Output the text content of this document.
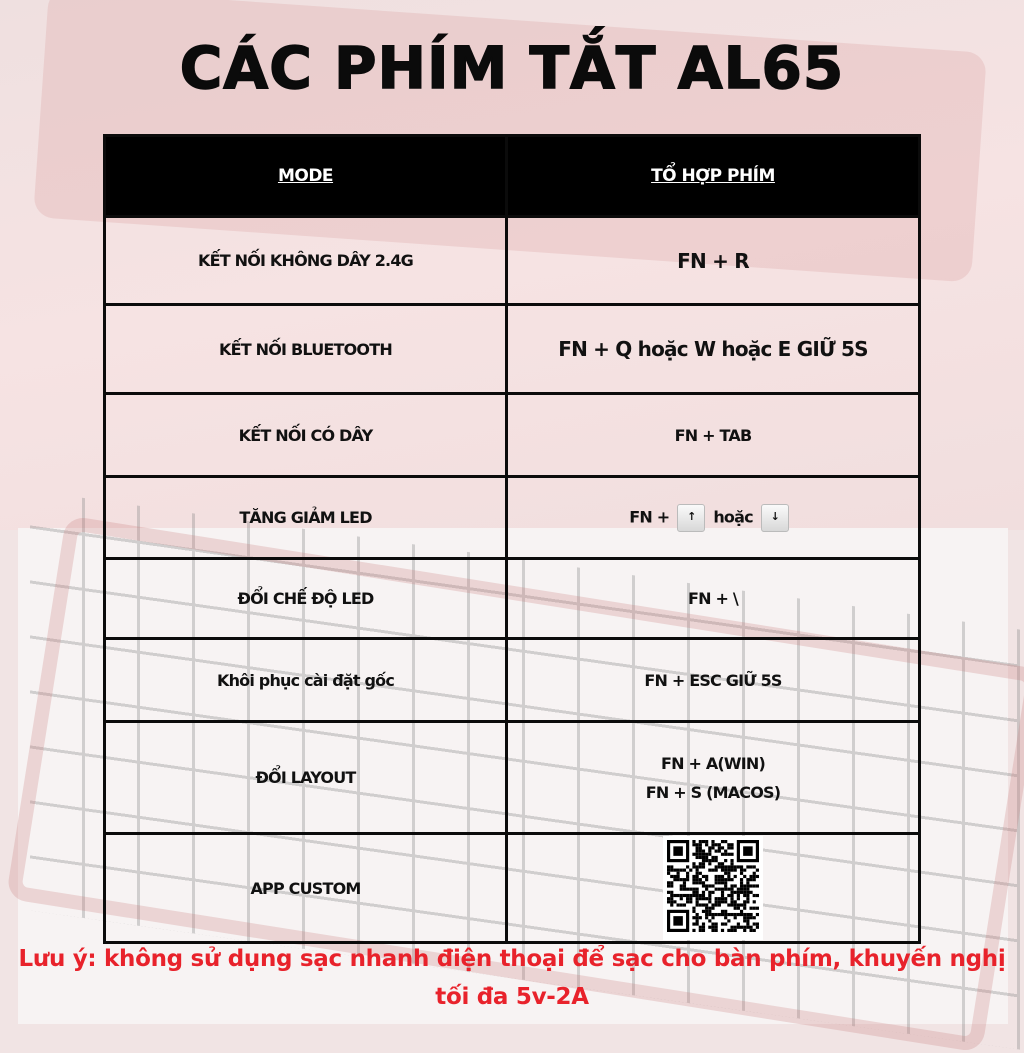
CÁC PHÍM TẮT AL65
MODE	TỔ HỢP PHÍM
KẾT NỐI KHÔNG DÂY 2.4G	FN + R
KẾT NỐI BLUETOOTH	FN + Q hoặc W hoặc E GIỮ 5S
KẾT NỐI CÓ DÂY	FN + TAB
TĂNG GIẢM LED	FN + ↑ hoặc ↓
ĐỔI CHẾ ĐỘ LED	FN + \
Khôi phục cài đặt gốc	FN + ESC GIỮ 5S
ĐỔI LAYOUT	FN + A(WIN)
FN + S (MACOS)

APP CUSTOM	
Lưu ý: không sử dụng sạc nhanh điện thoại để sạc cho bàn phím, khuyến nghị tối đa 5v-2A
